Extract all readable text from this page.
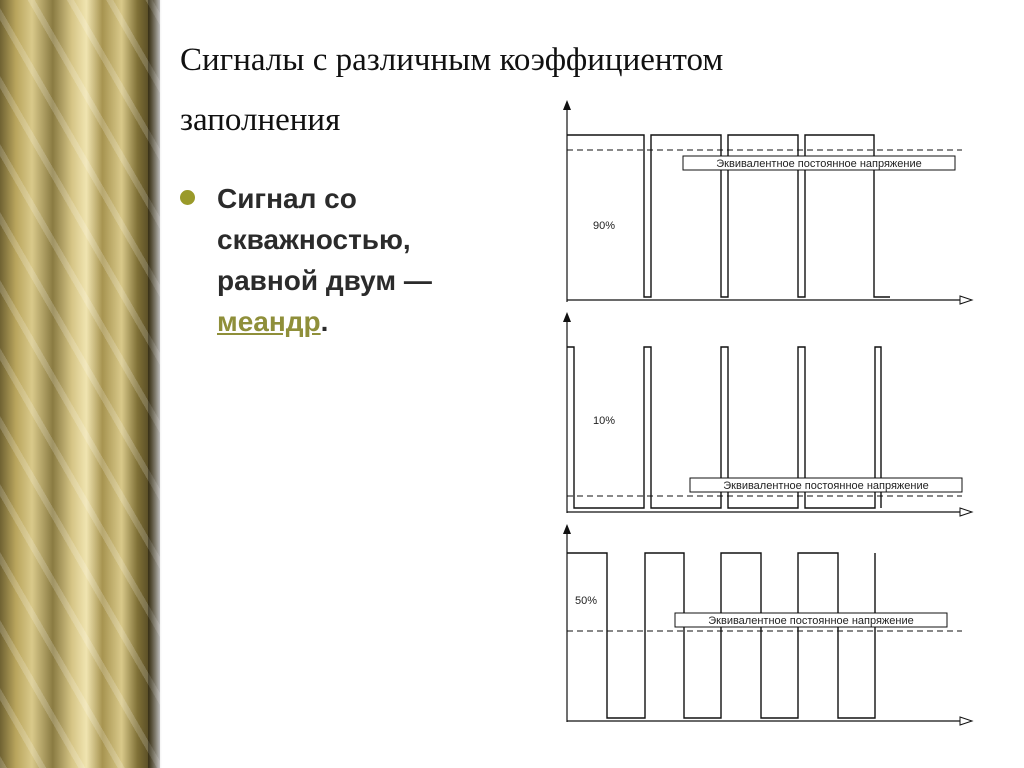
Сигналы с различным коэффициентом заполнения
Сигнал со скважностью, равной двум — меандр.
Эквивалентное постоянное напряжение
90%
Эквивалентное постоянное напряжение
10%
Эквивалентное постоянное напряжение
50%
